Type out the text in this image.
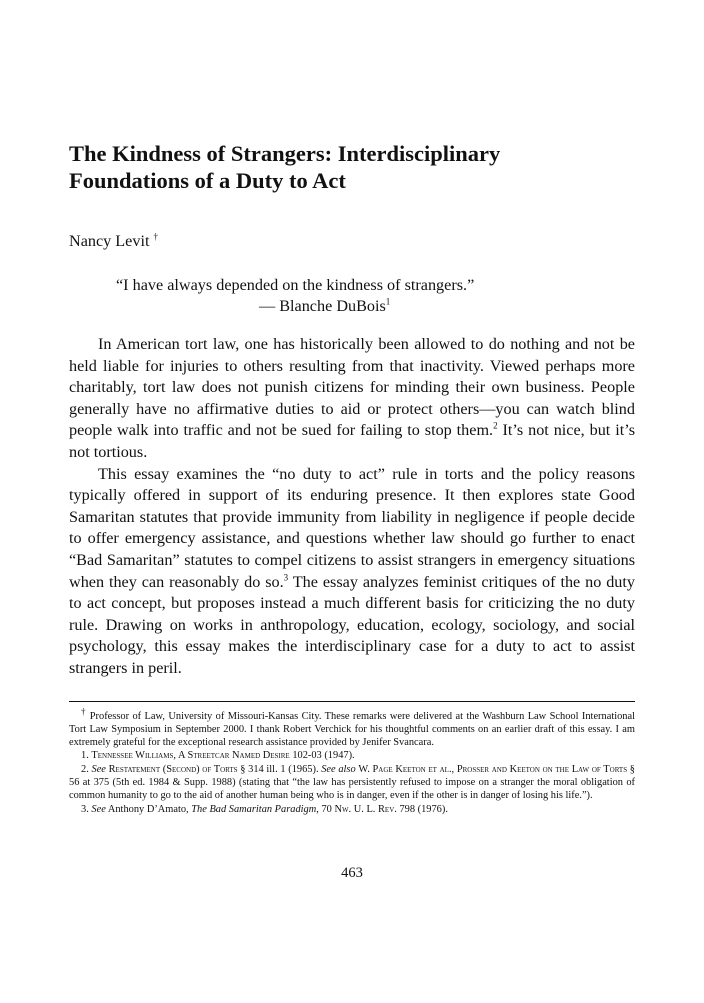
The Kindness of Strangers: Interdisciplinary
Foundations of a Duty to Act
Nancy Levit †
“I have always depended on the kindness of strangers.”
— Blanche DuBois$^1$

In American tort law, one has historically been allowed to do nothing and not be held liable for injuries to others resulting from that inactivity. Viewed perhaps more charitably, tort law does not punish citizens for minding their own business. People generally have no affirmative duties to aid or protect others—you can watch blind people walk into traffic and not be sued for failing to stop them.$^2$ It’s not nice, but it’s not tortious.

This essay examines the “no duty to act” rule in torts and the policy reasons typically offered in support of its enduring presence. It then explores state Good Samaritan statutes that provide immunity from liability in negligence if people decide to offer emergency assistance, and questions whether law should go further to enact “Bad Samaritan” statutes to compel citizens to assist strangers in emergency situations when they can reasonably do so.$^3$ The essay analyzes feminist critiques of the no duty to act concept, but proposes instead a much different basis for criticizing the no duty rule. Drawing on works in anthropology, education, ecology, sociology, and social psychology, this essay makes the interdisciplinary case for a duty to act to assist strangers in peril.

† Professor of Law, University of Missouri-Kansas City. These remarks were delivered at the Washburn Law School International Tort Law Symposium in September 2000. I thank Robert Verchick for his thoughtful comments on an earlier draft of this essay. I am extremely grateful for the exceptional research assistance provided by Jenifer Svancara.

1. Tennessee Williams, A Streetcar Named Desire 102-03 (1947).

2. See Restatement (Second) of Torts § 314 ill. 1 (1965). See also W. Page Keeton et al., Prosser and Keeton on the Law of Torts § 56 at 375 (5th ed. 1984 & Supp. 1988) (stating that “the law has persistently refused to impose on a stranger the moral obligation of common humanity to go to the aid of another human being who is in danger, even if the other is in danger of losing his life.”).

3. See Anthony D’Amato, The Bad Samaritan Paradigm, 70 Nw. U. L. Rev. 798 (1976).

463
